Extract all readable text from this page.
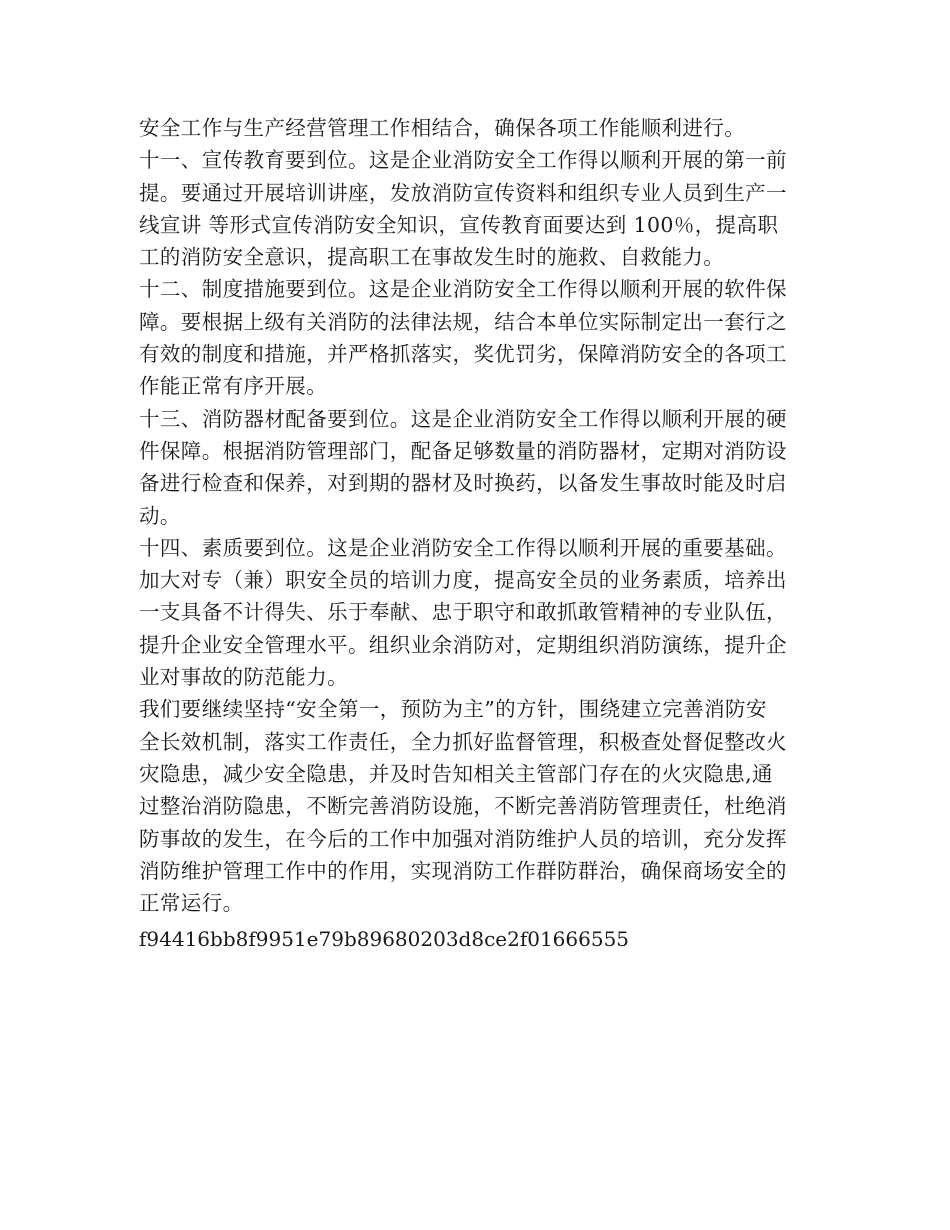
安全工作与生产经营管理工作相结合，确保各项工作能顺利进行。
十一、宣传教育要到位。这是企业消防安全工作得以顺利开展的第一前
提。要通过开展培训讲座，发放消防宣传资料和组织专业人员到生产一
线宣讲 等形式宣传消防安全知识，宣传教育面要达到 100％，提高职
工的消防安全意识，提高职工在事故发生时的施救、自救能力。
十二、制度措施要到位。这是企业消防安全工作得以顺利开展的软件保
障。要根据上级有关消防的法律法规，结合本单位实际制定出一套行之
有效的制度和措施，并严格抓落实，奖优罚劣，保障消防安全的各项工
作能正常有序开展。
十三、消防器材配备要到位。这是企业消防安全工作得以顺利开展的硬
件保障。根据消防管理部门，配备足够数量的消防器材，定期对消防设
备进行检查和保养，对到期的器材及时换药，以备发生事故时能及时启
动。
十四、素质要到位。这是企业消防安全工作得以顺利开展的重要基础。
加大对专（兼）职安全员的培训力度，提高安全员的业务素质，培养出
一支具备不计得失、乐于奉献、忠于职守和敢抓敢管精神的专业队伍，
提升企业安全管理水平。组织业余消防对，定期组织消防演练，提升企
业对事故的防范能力。
我们要继续坚持“安全第一，预防为主”的方针，围绕建立完善消防安
全长效机制，落实工作责任，全力抓好监督管理，积极查处督促整改火
灾隐患，减少安全隐患，并及时告知相关主管部门存在的火灾隐患,通
过整治消防隐患，不断完善消防设施，不断完善消防管理责任，杜绝消
防事故的发生，在今后的工作中加强对消防维护人员的培训，充分发挥
消防维护管理工作中的作用，实现消防工作群防群治，确保商场安全的
正常运行。
f94416bb8f9951e79b89680203d8ce2f01666555
